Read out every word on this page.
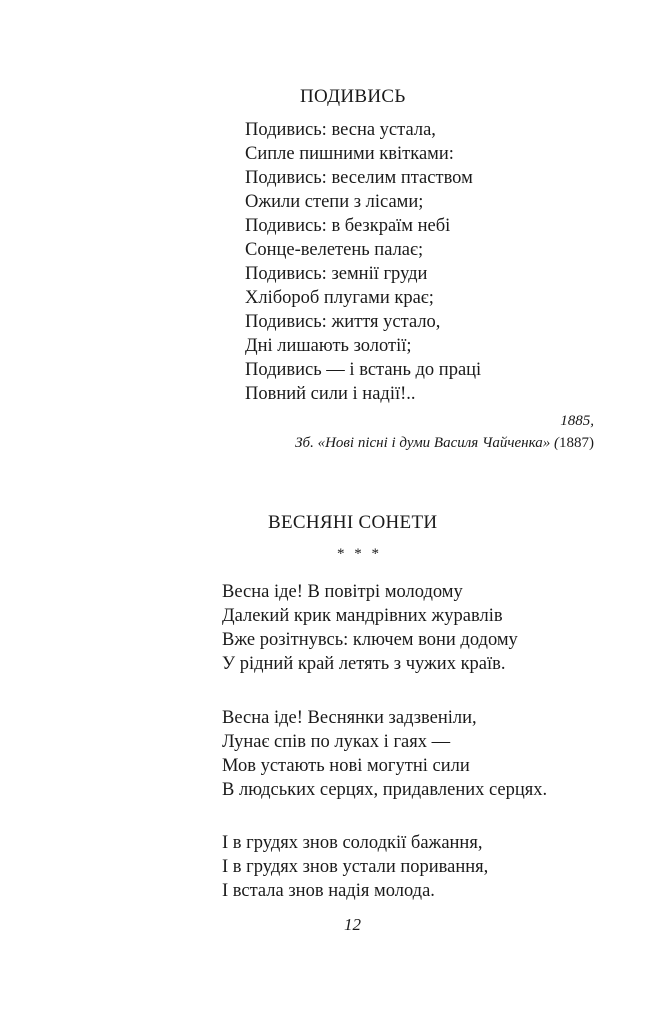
ПОДИВИСЬ
Подивись: весна устала,
Сипле пишними квітками:
Подивись: веселим птаством
Ожили степи з лісами;
Подивись: в безкраїм небі
Сонце-велетень палає;
Подивись: земнії груди
Хлібороб плугами крає;
Подивись: життя устало,
Дні лишають золотії;
Подивись — і встань до праці
Повний сили і надії!..
1885,
Зб. «Нові пісні і думи Василя Чайченка» (1887)
ВЕСНЯНІ СОНЕТИ
* * *
Весна іде! В повітрі молодому
Далекий крик мандрівних журавлів
Вже розітнувсь: ключем вони додому
У рідний край летять з чужих країв.
Весна іде! Веснянки задзвеніли,
Лунає спів по луках і гаях —
Мов устають нові могутні сили
В людських серцях, придавлених серцях.
І в грудях знов солодкії бажання,
І в грудях знов устали поривання,
І встала знов надія молода.
12
